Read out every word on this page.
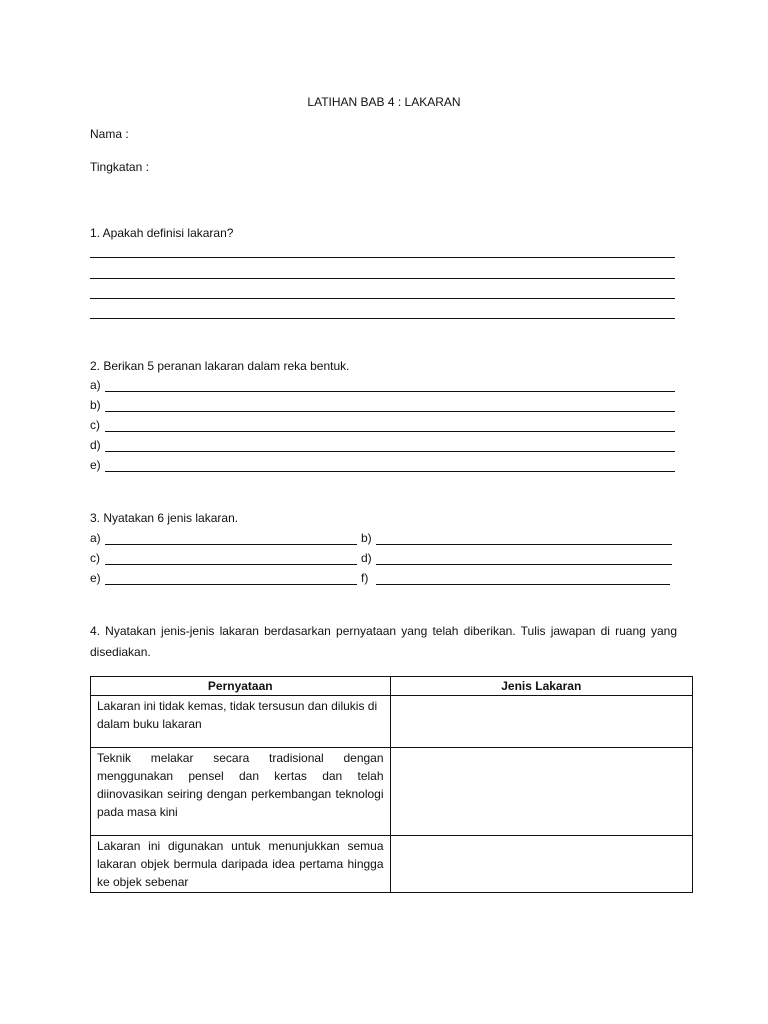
LATIHAN BAB 4 : LAKARAN
Nama :
Tingkatan :
1. Apakah definisi lakaran?
2. Berikan 5 peranan lakaran dalam reka bentuk.
a)
b)
c)
d)
e)
3. Nyatakan 6 jenis lakaran.
a)	b)
c)	d)
e)	f)
4. Nyatakan jenis-jenis lakaran berdasarkan pernyataan yang telah diberikan. Tulis jawapan di ruang yang disediakan.
Pernyataan	Jenis Lakaran
Lakaran ini tidak kemas, tidak tersusun dan dilukis di dalam buku lakaran	
Teknik melakar secara tradisional dengan menggunakan pensel dan kertas dan telah diinovasikan seiring dengan perkembangan teknologi pada masa kini	
Lakaran ini digunakan untuk menunjukkan semua lakaran objek bermula daripada idea pertama hingga ke objek sebenar	
